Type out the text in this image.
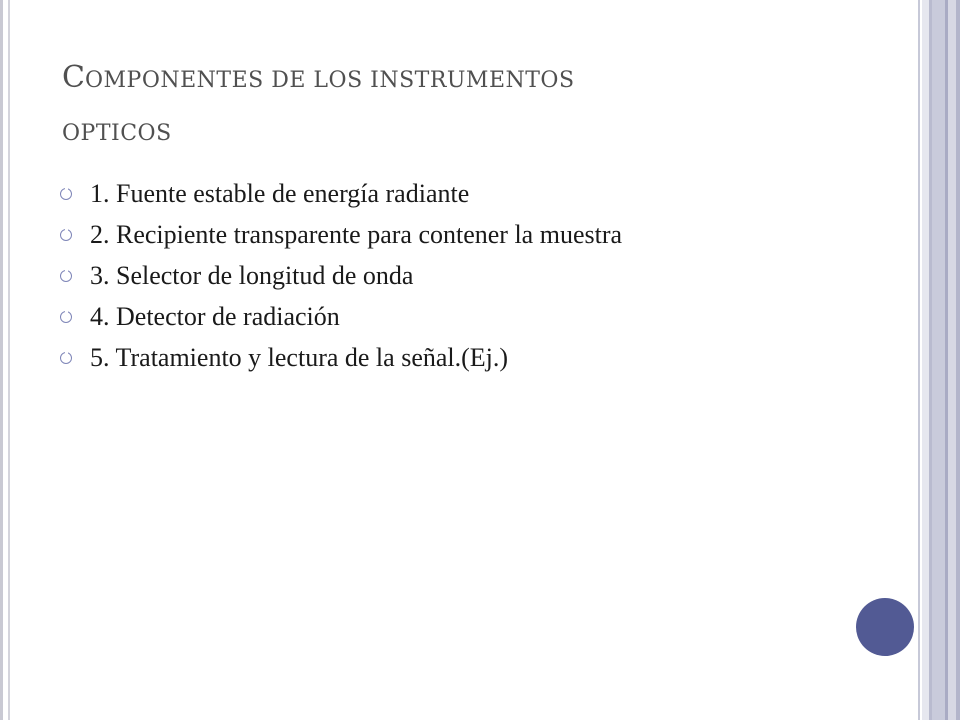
COMPONENTES DE LOS INSTRUMENTOS
OPTICOS
1. Fuente estable de energía radiante
2. Recipiente transparente para contener la muestra
3. Selector de longitud de onda
4. Detector de radiación
5. Tratamiento y lectura de la señal.(Ej.)
